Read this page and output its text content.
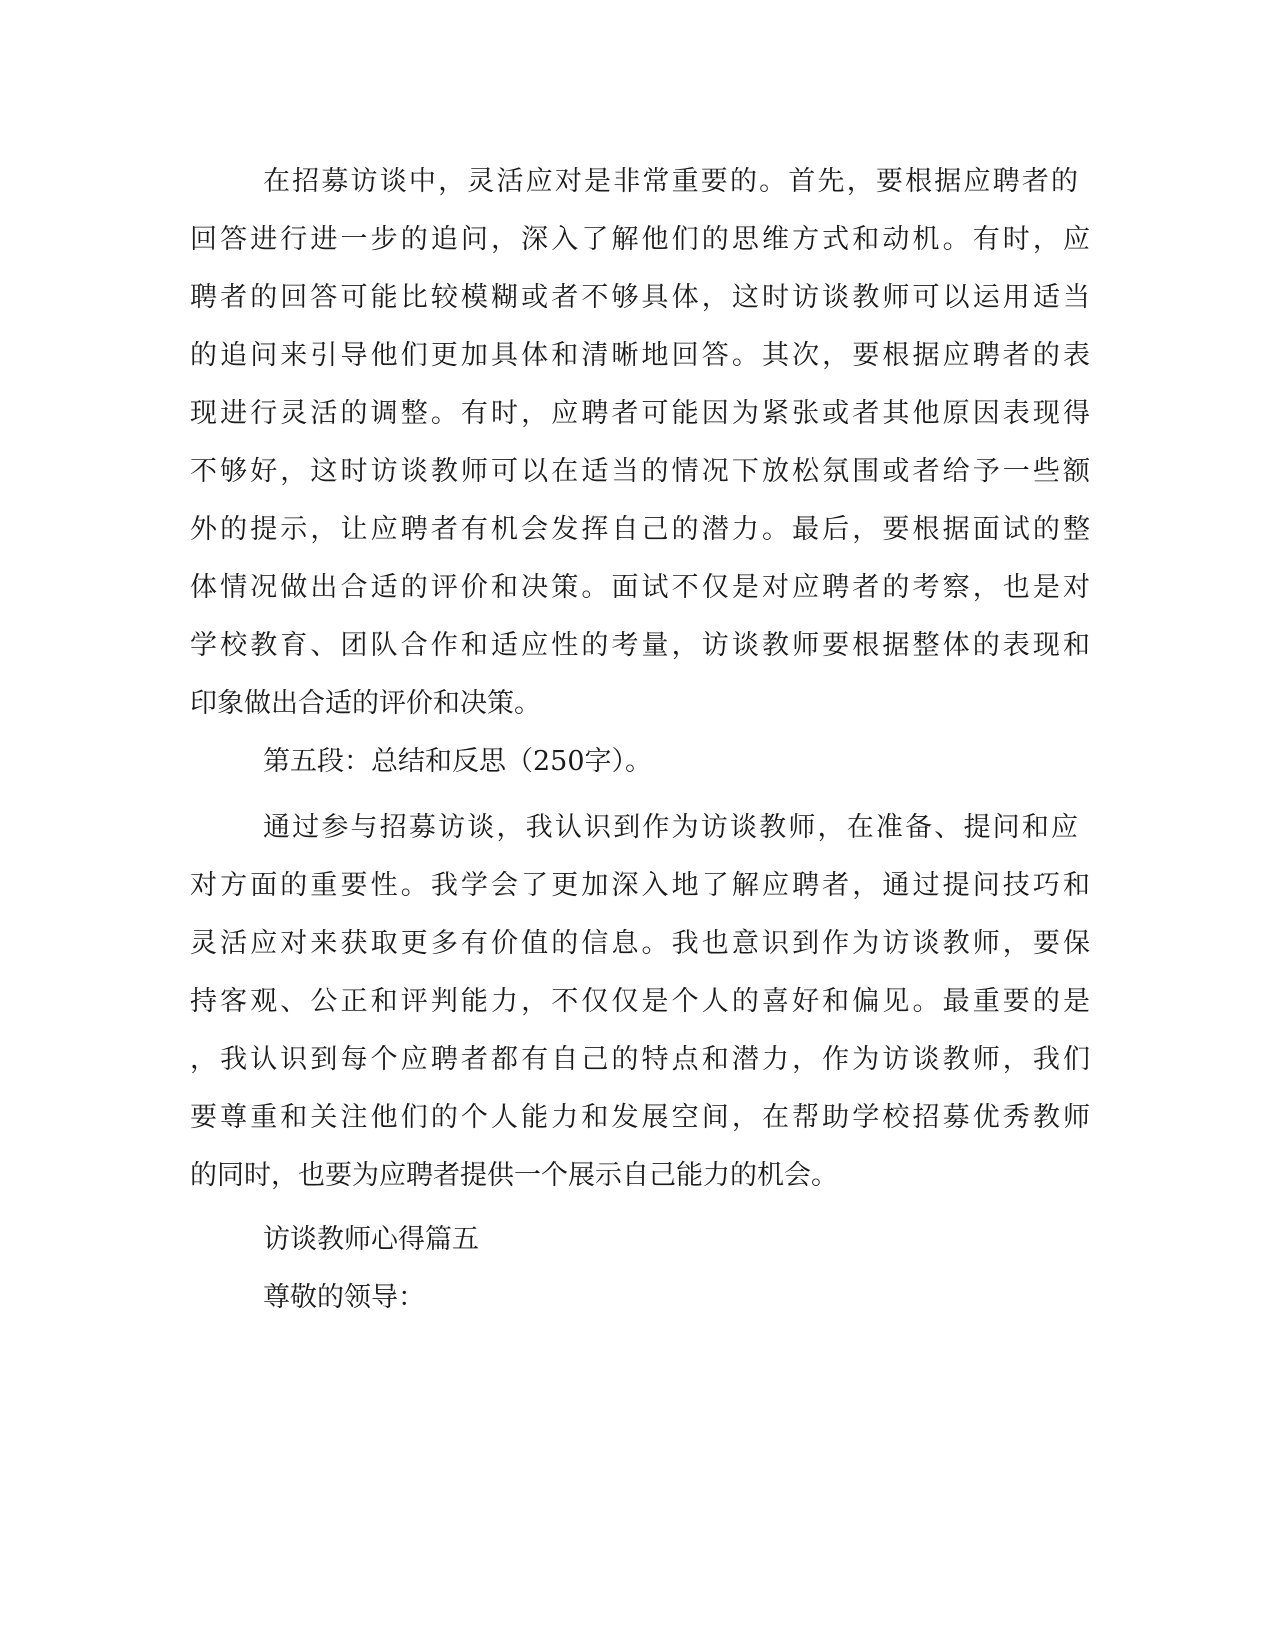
在招募访谈中，灵活应对是非常重要的。首先，要根据应聘者的
回答进行进一步的追问，深入了解他们的思维方式和动机。有时，应
聘者的回答可能比较模糊或者不够具体，这时访谈教师可以运用适当
的追问来引导他们更加具体和清晰地回答。其次，要根据应聘者的表
现进行灵活的调整。有时，应聘者可能因为紧张或者其他原因表现得
不够好，这时访谈教师可以在适当的情况下放松氛围或者给予一些额
外的提示，让应聘者有机会发挥自己的潜力。最后，要根据面试的整
体情况做出合适的评价和决策。面试不仅是对应聘者的考察，也是对
学校教育、团队合作和适应性的考量，访谈教师要根据整体的表现和
印象做出合适的评价和决策。
第五段：总结和反思（250字）。
通过参与招募访谈，我认识到作为访谈教师，在准备、提问和应
对方面的重要性。我学会了更加深入地了解应聘者，通过提问技巧和
灵活应对来获取更多有价值的信息。我也意识到作为访谈教师，要保
持客观、公正和评判能力，不仅仅是个人的喜好和偏见。最重要的是
，我认识到每个应聘者都有自己的特点和潜力，作为访谈教师，我们
要尊重和关注他们的个人能力和发展空间，在帮助学校招募优秀教师
的同时，也要为应聘者提供一个展示自己能力的机会。
访谈教师心得篇五
尊敬的领导：
